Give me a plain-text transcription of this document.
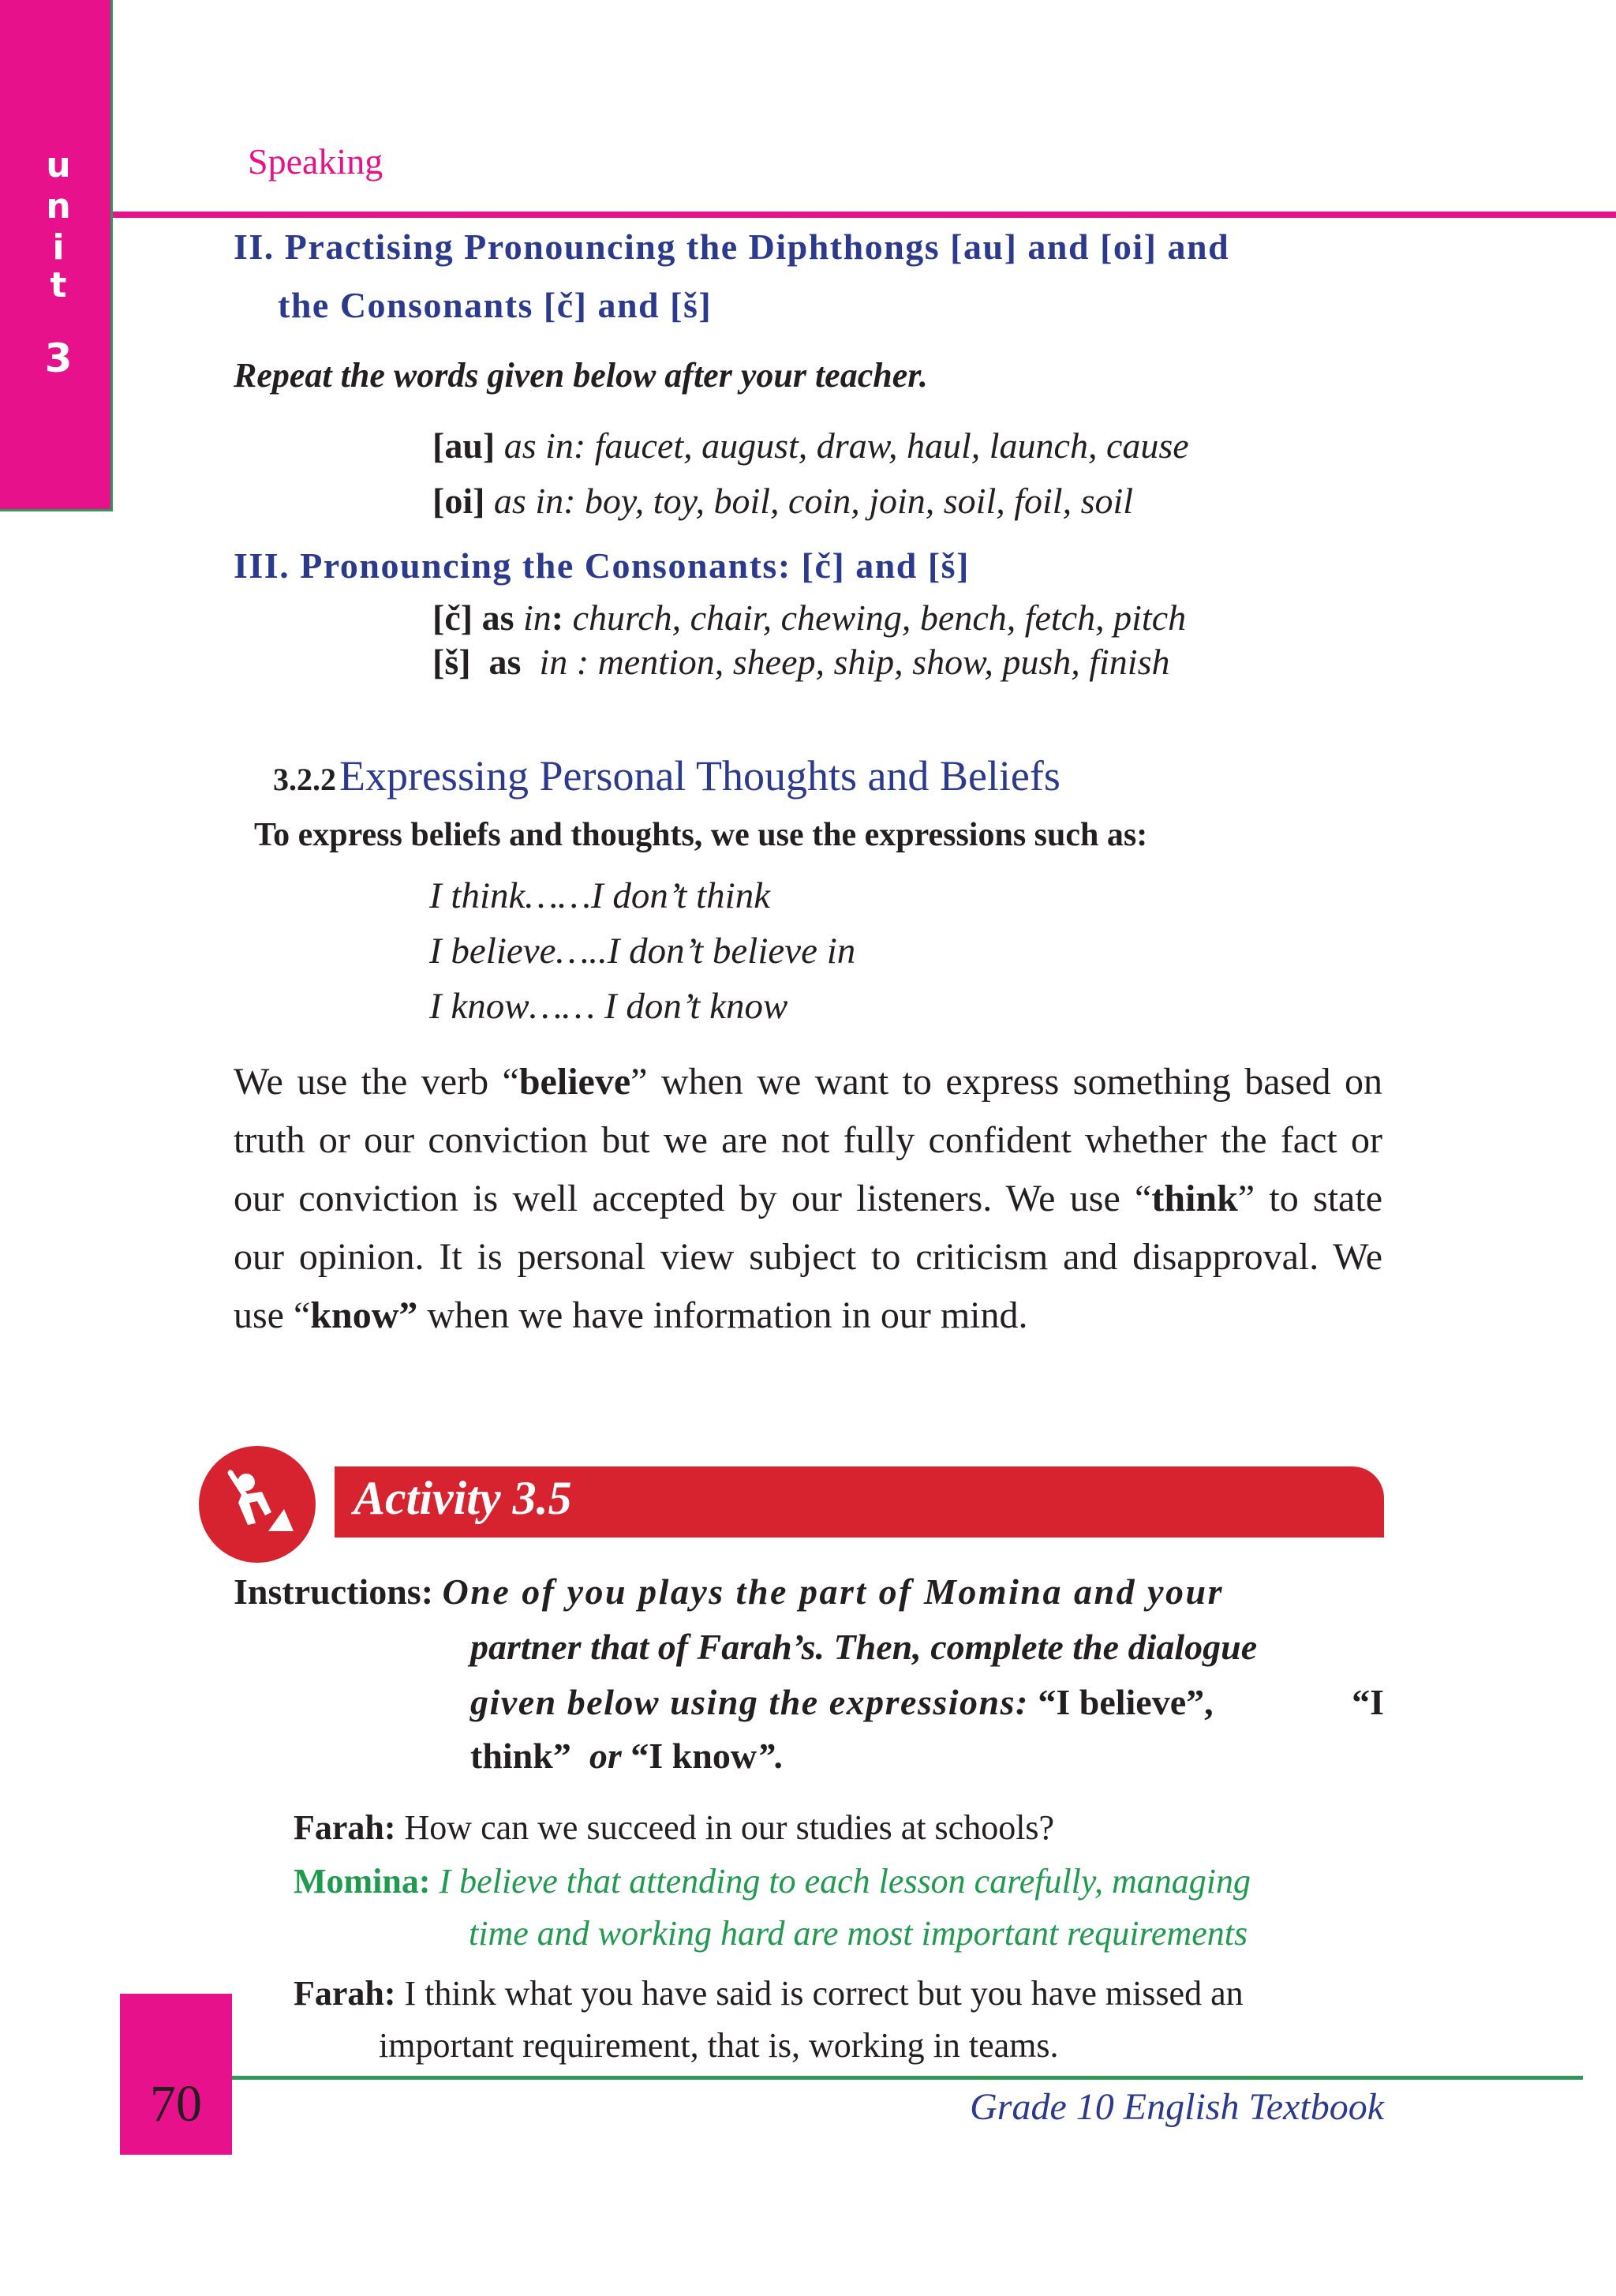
u
n
i
t
3
Speaking
II. Practising Pronouncing the Diphthongs [au] and [oi] and
the Consonants [č] and [š]
Repeat the words given below after your teacher.
[au] as in: faucet, august, draw, haul, launch, cause
[oi] as in: boy, toy, boil, coin, join, soil, foil, soil
III. Pronouncing the Consonants: [č] and [š]
[č] as in: church, chair, chewing, bench, fetch, pitch
[š]  as  in : mention, sheep, ship, show, push, finish
3.2.2 Expressing Personal Thoughts and Beliefs
To express beliefs and thoughts, we use the expressions such as:
I think……I don’t think
I believe…..I don’t believe in
I know…… I don’t know
We use the verb “believe” when we want to express something based on truth or our conviction but we are not fully confident whether the fact or our conviction is well accepted by our listeners. We use “think” to state our opinion. It is personal view subject to criticism and disapproval. We use “know” when we have information in our mind.
Activity 3.5
Instructions: One of you plays the part of Momina and your
partner that of Farah’s. Then, complete the dialogue
given below using the expressions: “I believe”,	“I
think” or “I know”.
Farah: How can we succeed in our studies at schools?
Momina: I believe that attending to each lesson carefully, managing
time and working hard are most important requirements
Farah: I think what you have said is correct but you have missed an
important requirement, that is, working in teams.
70	Grade 10 English Textbook
